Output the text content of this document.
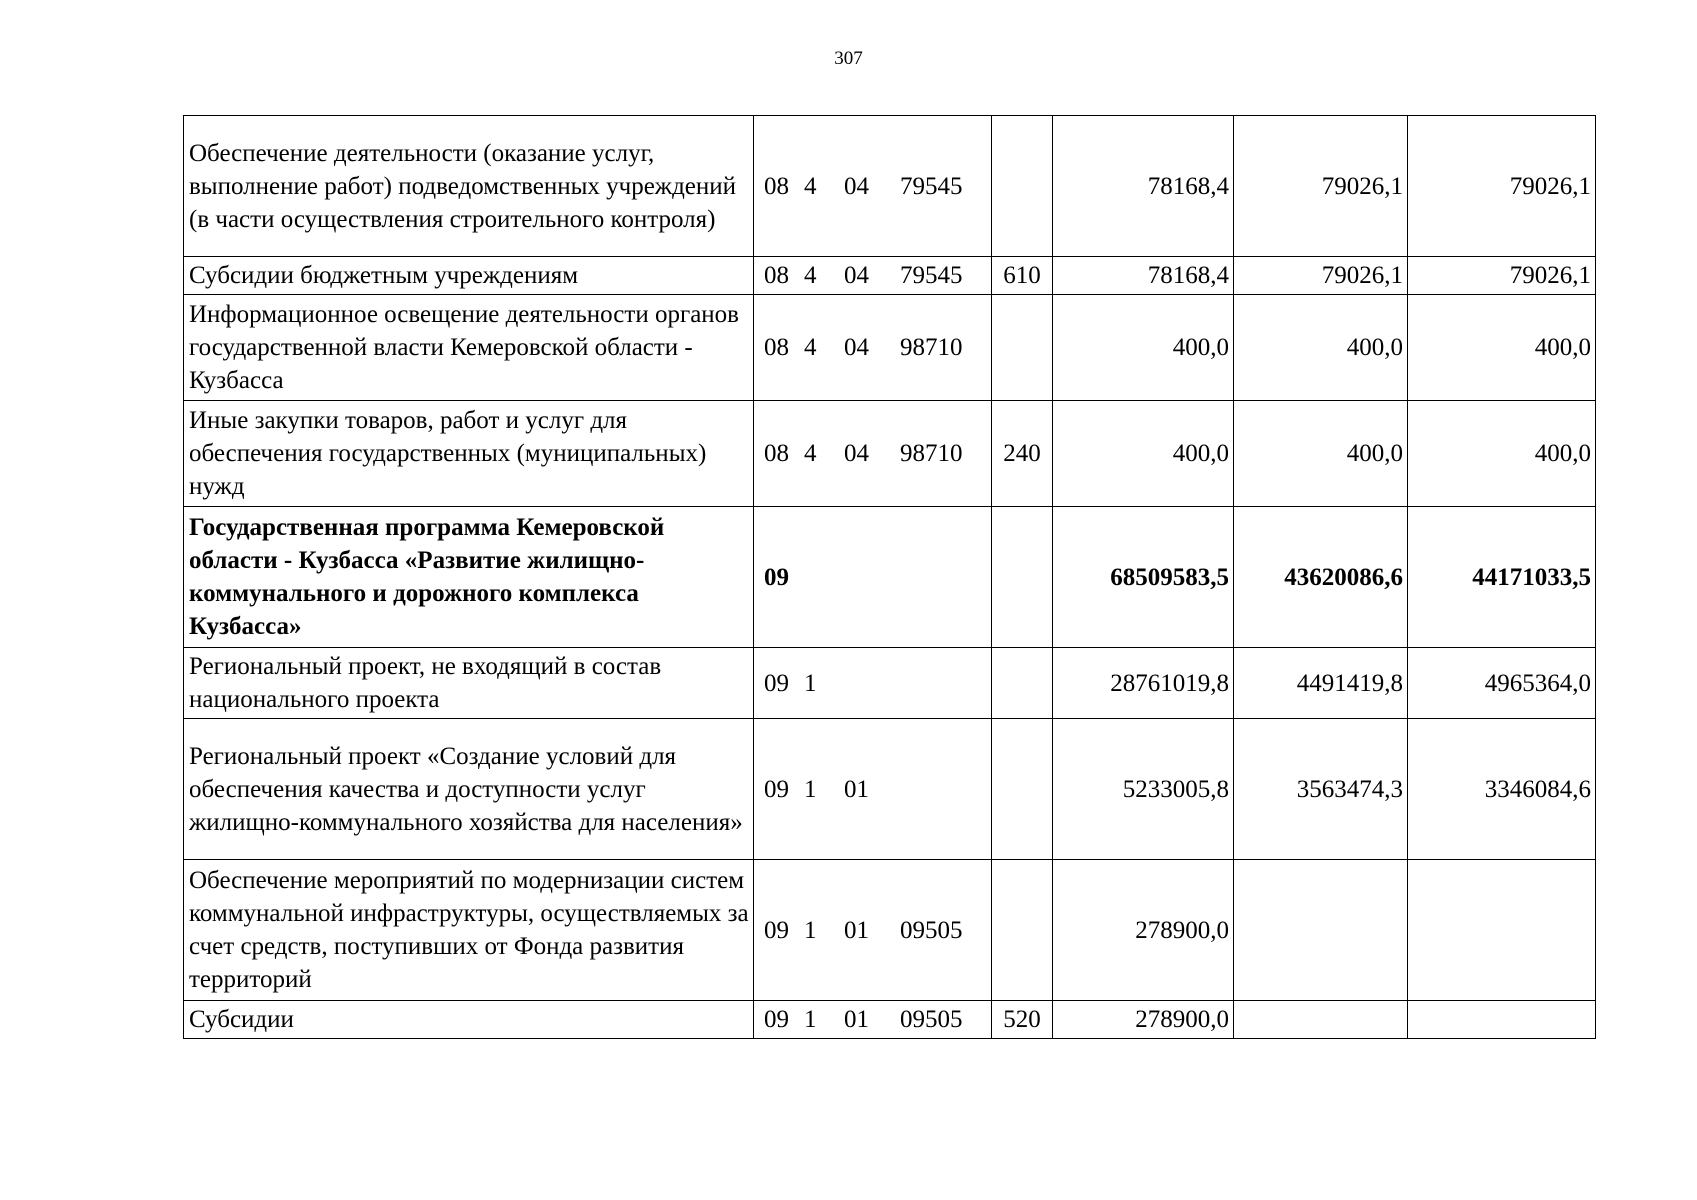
307
Обеспечение деятельности (оказание услуг, выполнение работ) подведомственных учреждений (в части осуществления строительного контроля)	08 4 04 79545		78168,4	79026,1	79026,1
Субсидии бюджетным учреждениям	08 4 04 79545	610	78168,4	79026,1	79026,1
Информационное освещение деятельности органов государственной власти Кемеровской области - Кузбасса	08 4 04 98710		400,0	400,0	400,0
Иные закупки товаров, работ и услуг для обеспечения государственных (муниципальных) нужд	08 4 04 98710	240	400,0	400,0	400,0
Государственная программа Кемеровской области - Кузбасса «Развитие жилищно-коммунального и дорожного комплекса Кузбасса»	09		68509583,5	43620086,6	44171033,5
Региональный проект, не входящий в состав национального проекта	09 1		28761019,8	4491419,8	4965364,0
Региональный проект «Создание условий для обеспечения качества и доступности услуг жилищно-коммунального хозяйства для населения»	09 1 01		5233005,8	3563474,3	3346084,6
Обеспечение мероприятий по модернизации систем коммунальной инфраструктуры, осуществляемых за счет средств, поступивших от Фонда развития территорий	09 1 01 09505		278900,0		
Субсидии	09 1 01 09505	520	278900,0		
